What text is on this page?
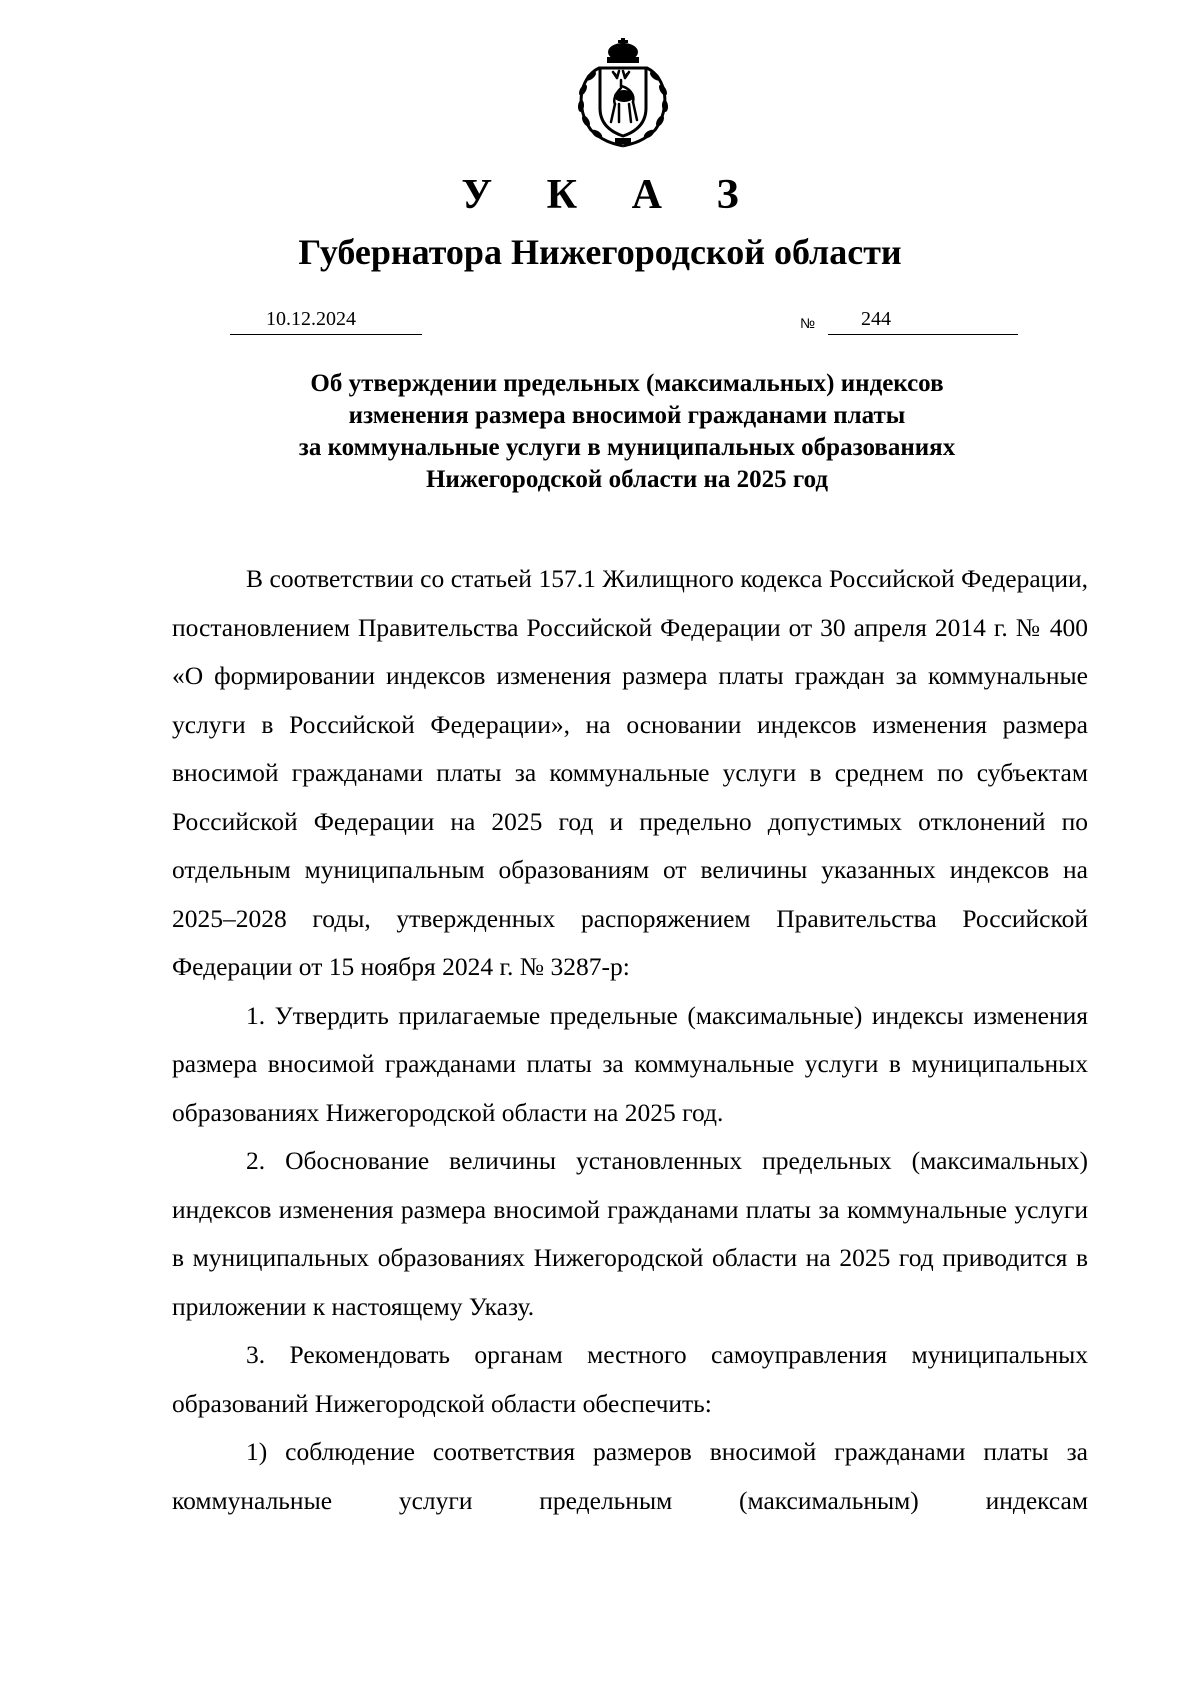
У К А З
Губернатора Нижегородской области
10.12.2024	№ 244
Об утверждении предельных (максимальных) индексов
изменения размера вносимой гражданами платы
за коммунальные услуги в муниципальных образованиях
Нижегородской области на 2025 год

В соответствии со статьей 157.1 Жилищного кодекса Российской Федерации, постановлением Правительства Российской Федерации от 30 апреля 2014 г. № 400 «О формировании индексов изменения размера платы граждан за коммунальные услуги в Российской Федерации», на основании индексов изменения размера вносимой гражданами платы за коммунальные услуги в среднем по субъектам Российской Федерации на 2025 год и предельно допустимых отклонений по отдельным муниципальным образованиям от величины указанных индексов на 2025–2028 годы, утвержденных распоряжением Правительства Российской Федерации от 15 ноября 2024 г. № 3287-р:

1. Утвердить прилагаемые предельные (максимальные) индексы изменения размера вносимой гражданами платы за коммунальные услуги в муниципальных образованиях Нижегородской области на 2025 год.

2. Обоснование величины установленных предельных (максимальных) индексов изменения размера вносимой гражданами платы за коммунальные услуги в муниципальных образованиях Нижегородской области на 2025 год приводится в приложении к настоящему Указу.

3. Рекомендовать органам местного самоуправления муниципальных образований Нижегородской области обеспечить:

1) соблюдение соответствия размеров вносимой гражданами платы за коммунальные услуги предельным (максимальным) индексам
